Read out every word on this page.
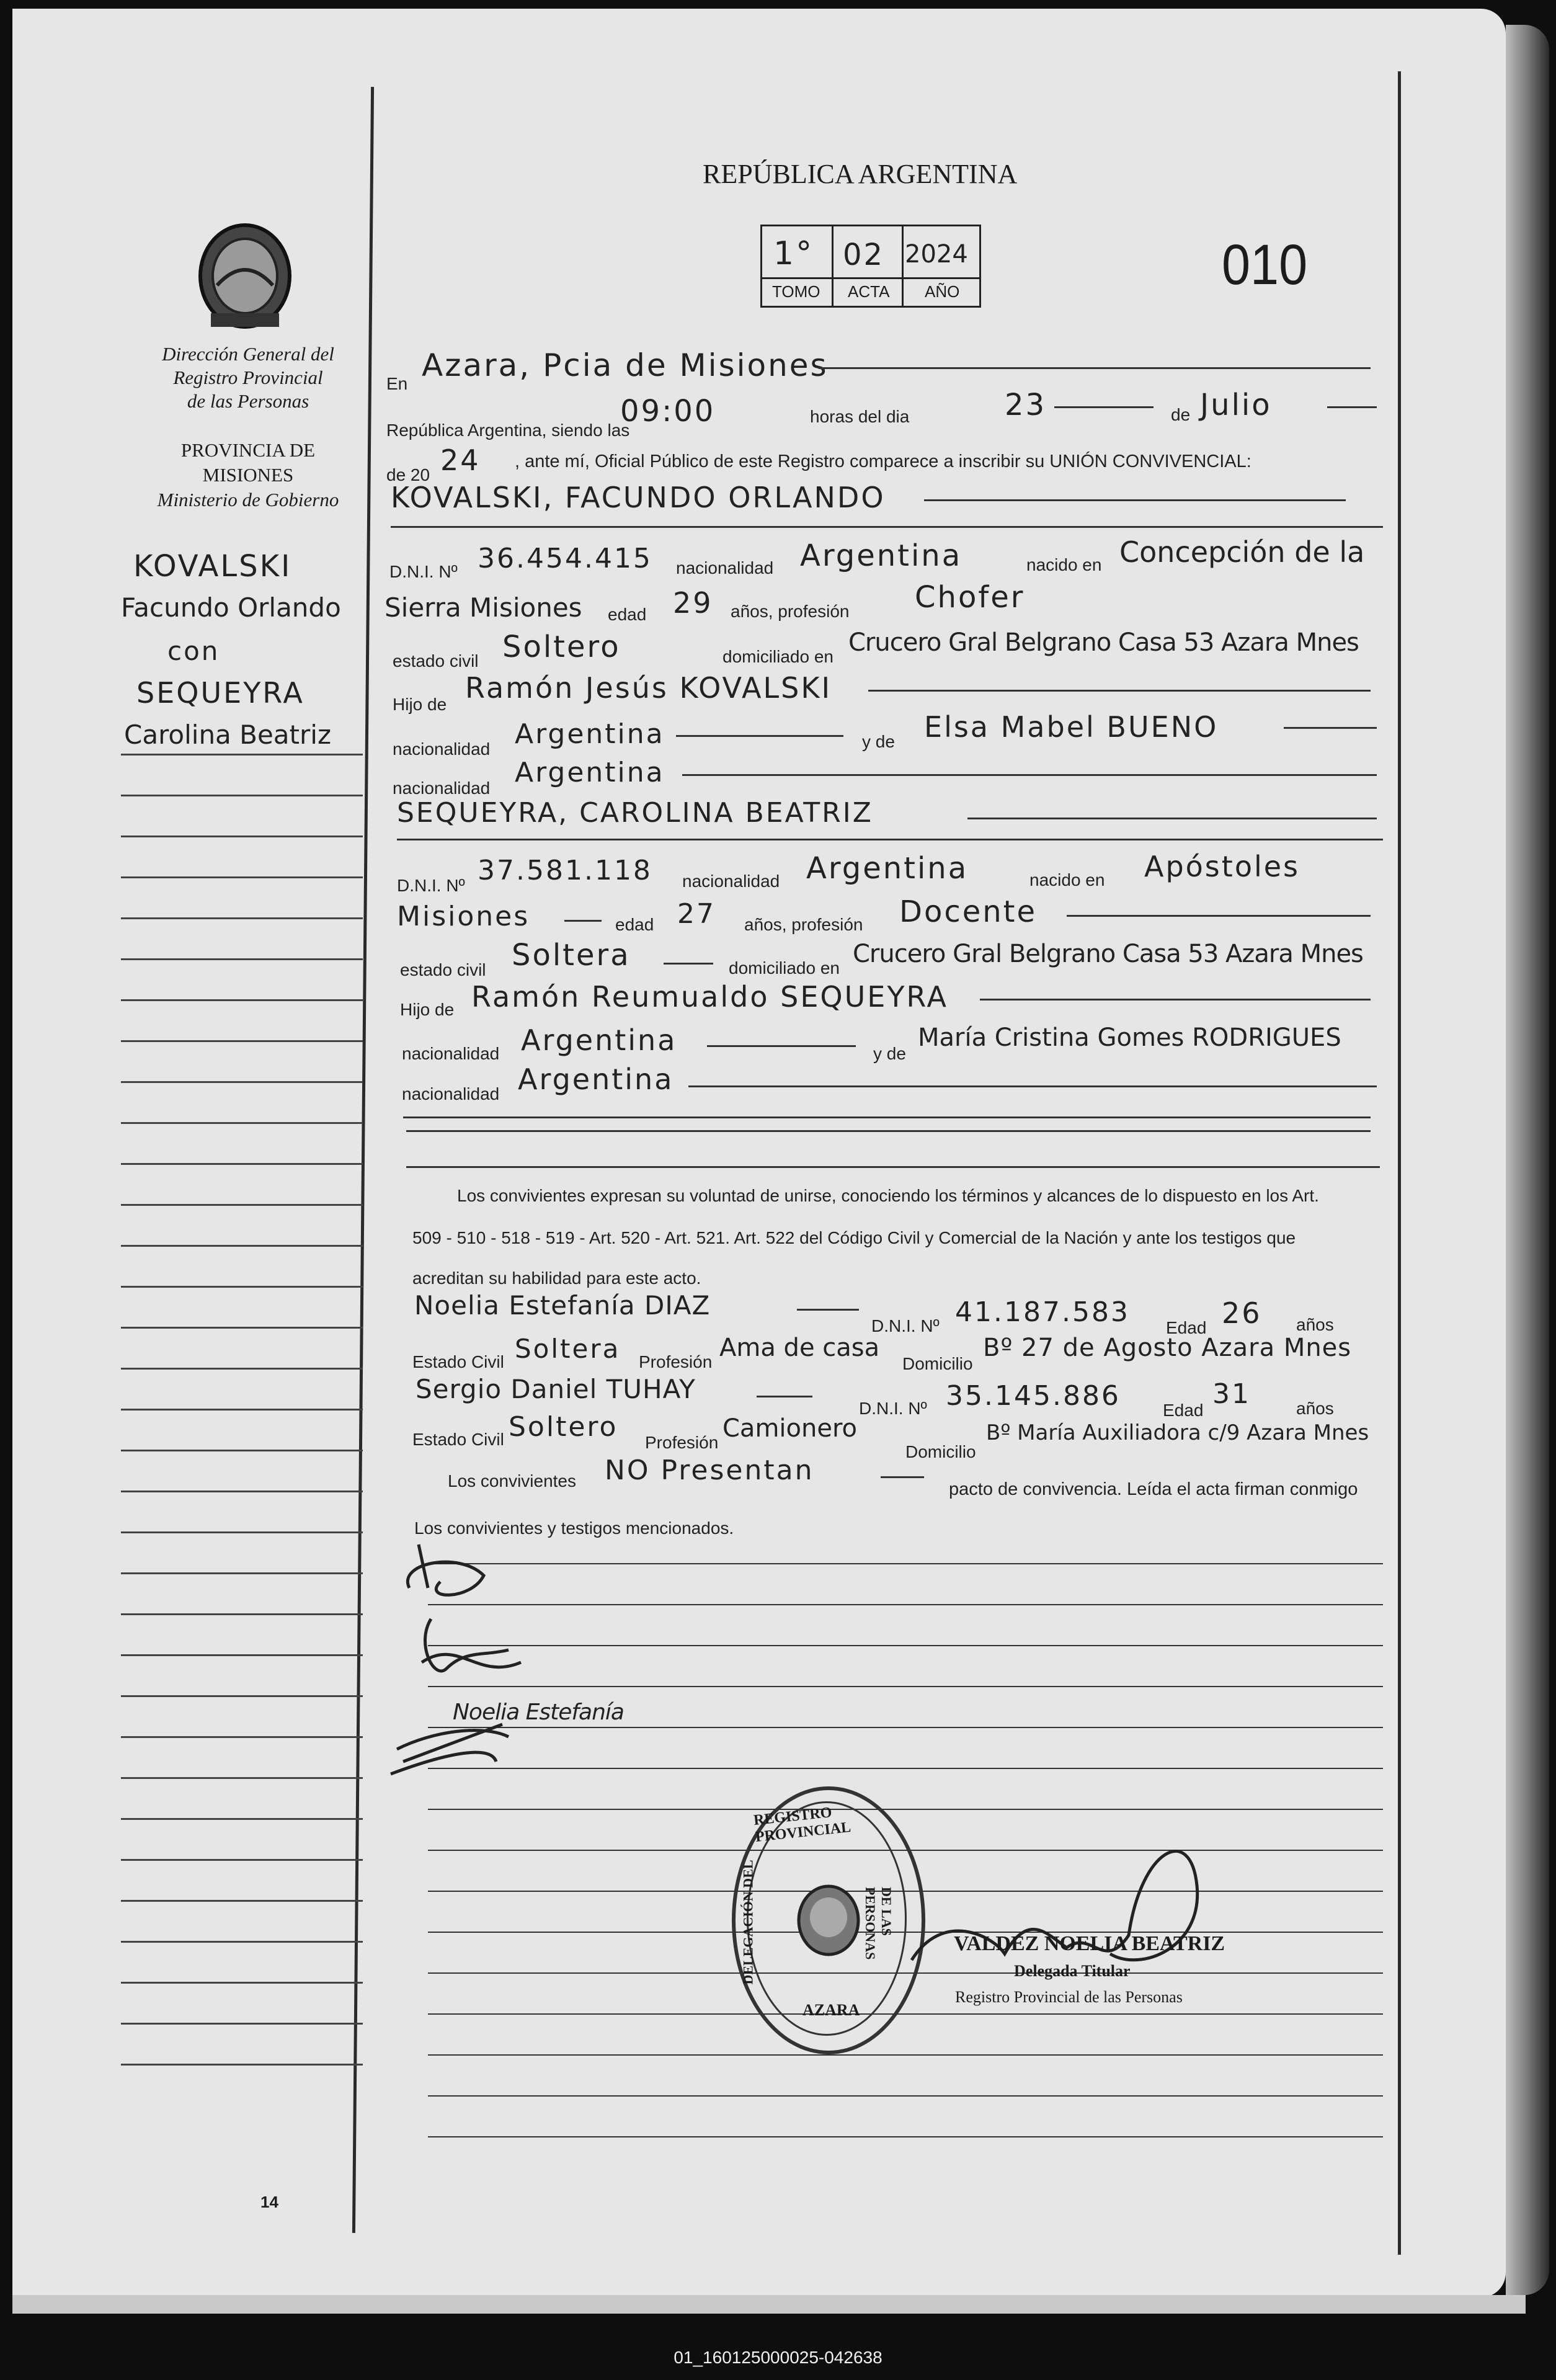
Dirección General del
Registro Provincial
de las Personas
PROVINCIA DE
MISIONES
Ministerio de Gobierno
KOVALSKI
Facundo Orlando
con
SEQUEYRA
Carolina Beatriz
14
REPÚBLICA ARGENTINA
1° 02 2024
TOMO ACTA AÑO	010
En
Azara, Pcia de Misiones
República Argentina, siendo las
09:00	horas del dia	23	de Julio
de 20 24 , ante mí, Oficial Público de este Registro comparece a inscribir su UNIÓN CONVIVENCIAL:
KOVALSKI, FACUNDO ORLANDO
D.N.I. Nº 36.454.415 nacionalidad Argentina	nacido en Concepción de la
Sierra Misiones edad 29 años, profesión Chofer
estado civil Soltero	domiciliado en Crucero Gral Belgrano Casa 53 Azara Mnes
Hijo de Ramón Jesús KOVALSKI
nacionalidad Argentina	y de Elsa Mabel BUENO
nacionalidad Argentina
SEQUEYRA, CAROLINA BEATRIZ
D.N.I. Nº 37.581.118 nacionalidad Argentina	nacido en Apóstoles
Misiones	edad 27 años, profesión Docente
estado civil Soltera	domiciliado en Crucero Gral Belgrano Casa 53 Azara Mnes
Hijo de Ramón Reumualdo SEQUEYRA
nacionalidad Argentina	y de
María Cristina Gomes RODRIGUES
nacionalidad Argentina
Los convivientes expresan su voluntad de unirse, conociendo los términos y alcances de lo dispuesto en los Art.
509 - 510 - 518 - 519 - Art. 520 - Art. 521. Art. 522 del Código Civil y Comercial de la Nación y ante los testigos que
acreditan su habilidad para este acto.
Noelia Estefanía DIAZ
D.N.I. Nº 41.187.583 Edad 26 años
Estado Civil Soltera Profesión Ama de casa
Domicilio
Bº 27 de Agosto Azara Mnes
Sergio Daniel TUHAY
D.N.I. Nº 35.145.886 Edad
31	años
Estado Civil Soltero Profesión Camionero
Domicilio
Bº María Auxiliadora c/9 Azara Mnes
Los convivientes NO Presentan
pacto de convivencia. Leída el acta firman conmigo
Los convivientes y testigos mencionados.
Noelia Estefanía
REGISTRO PROVINCIAL
DELEGACIÓN DEL	DE LAS PERSONAS
AZARA
VALDEZ NOELIA BEATRIZ
Delegada Titular
Registro Provincial de las Personas
01_160125000025-042638
